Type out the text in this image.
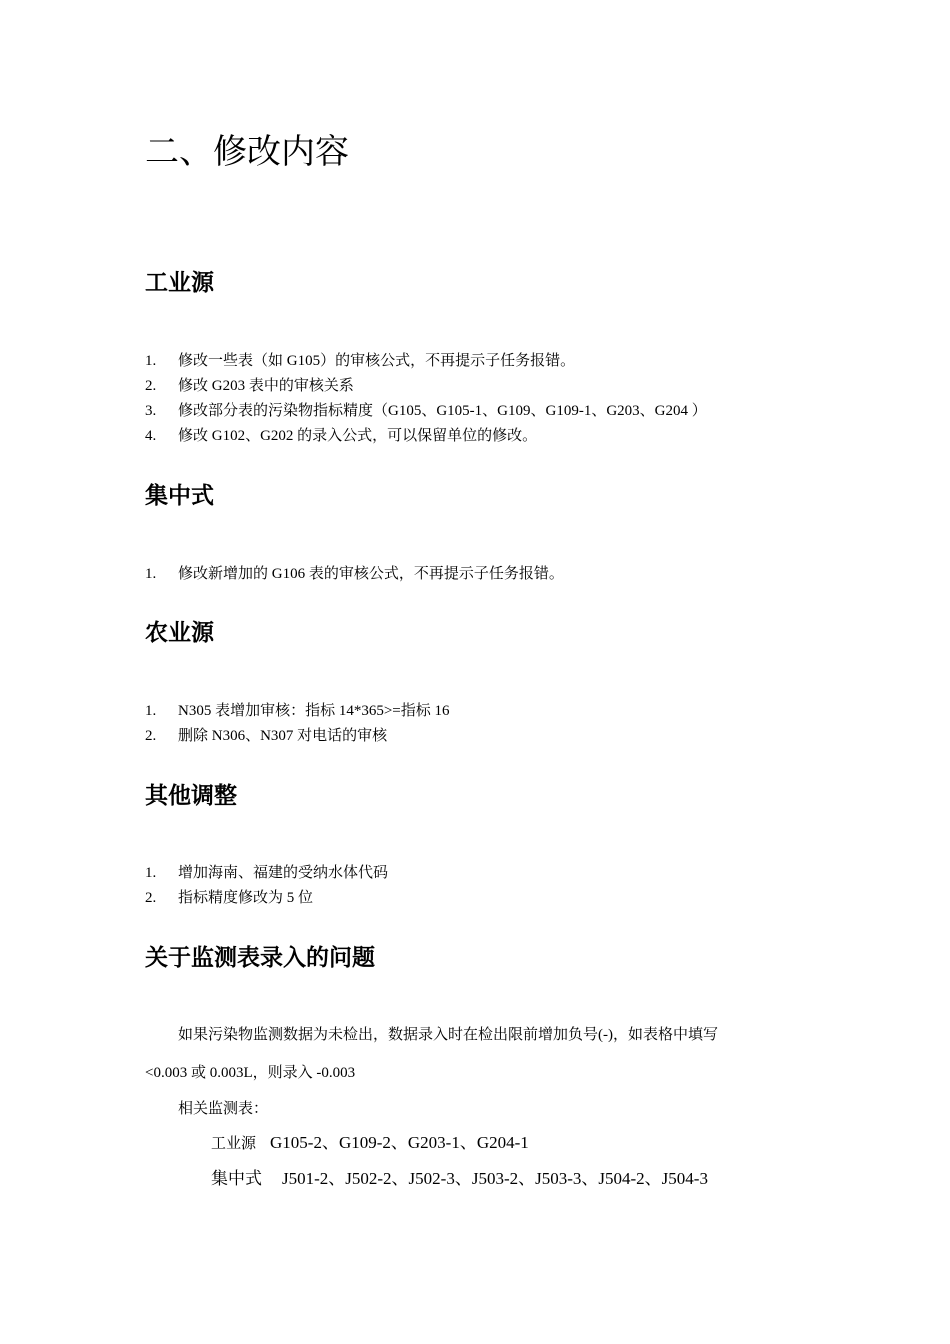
二、修改内容
工业源
1. 修改一些表（如 G105）的审核公式，不再提示子任务报错。
2. 修改 G203 表中的审核关系
3. 修改部分表的污染物指标精度（G105、G105-1、G109、G109-1、G203、G204 ）
4. 修改 G102、G202 的录入公式，可以保留单位的修改。
集中式
1. 修改新增加的 G106 表的审核公式，不再提示子任务报错。
农业源
1. N305 表增加审核：指标 14*365>=指标 16
2. 删除 N306、N307 对电话的审核
其他调整
1. 增加海南、福建的受纳水体代码
2. 指标精度修改为 5 位
关于监测表录入的问题
如果污染物监测数据为未检出，数据录入时在检出限前增加负号(-)，如表格中填写
<0.003 或 0.003L，则录入 -0.003
相关监测表：
工业源 G105-2、G109-2、G203-1、G204-1
集中式 J501-2、J502-2、J502-3、J503-2、J503-3、J504-2、J504-3
